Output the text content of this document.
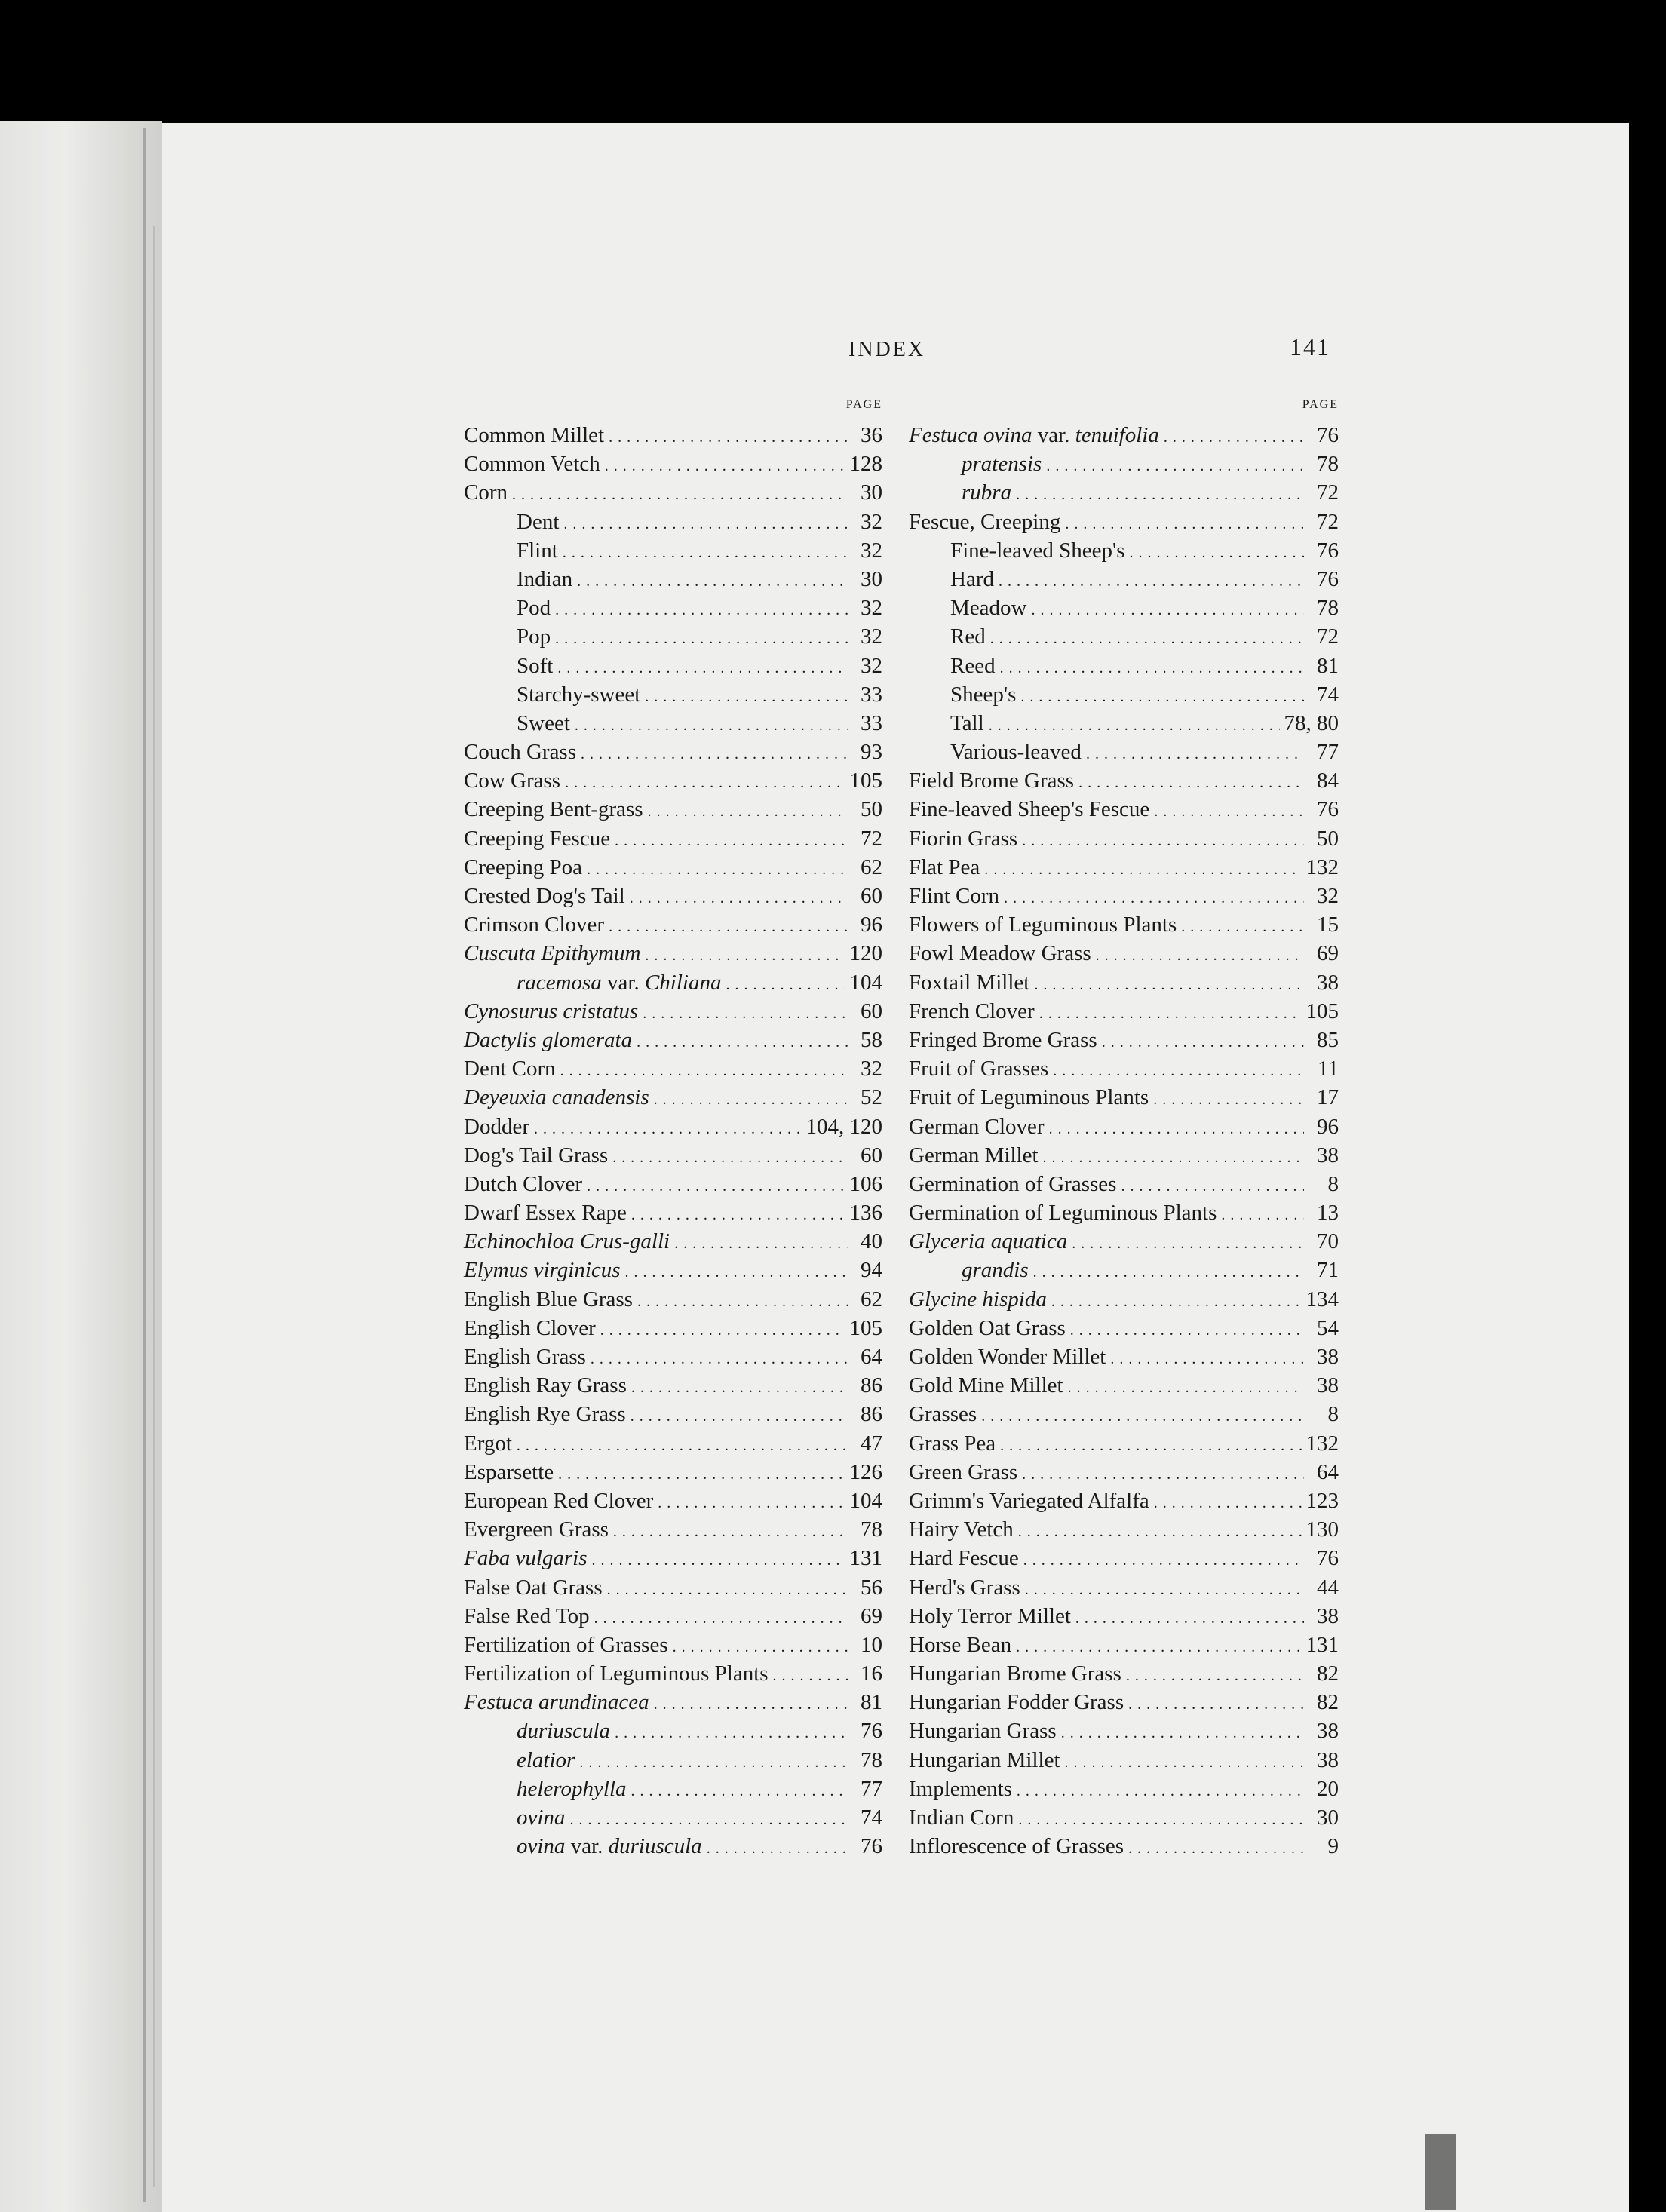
INDEX	141
PAGE
Common Millet . . .	36
Common Vetch . . .	128
Corn . . .	30
Dent . . .	32
Flint . . .	32
Indian . . .	30
Pod . . .	32
Pop . . .	32
Soft . . .	32
Starchy-sweet . . .	33
Sweet . . .	33
Couch Grass . . .	93
Cow Grass . . .	105
Creeping Bent-grass . . .	50
Creeping Fescue . . .	72
Creeping Poa . . .	62
Crested Dog's Tail . . .	60
Crimson Clover . . .	96
Cuscuta Epithymum . . .	120
racemosa var. Chiliana . . .	104
Cynosurus cristatus . . .	60
Dactylis glomerata . . .	58
Dent Corn . . .	32
Deyeuxia canadensis . . .	52
Dodder . . .	104, 120
Dog's Tail Grass . . .	60
Dutch Clover . . .	106
Dwarf Essex Rape . . .	136
Echinochloa Crus-galli . . .	40
Elymus virginicus . . .	94
English Blue Grass . . .	62
English Clover . . .	105
English Grass . . .	64
English Ray Grass . . .	86
English Rye Grass . . .	86
Ergot . . .	47
Esparsette . . .	126
European Red Clover . . .	104
Evergreen Grass . . .	78
Faba vulgaris . . .	131
False Oat Grass . . .	56
False Red Top . . .	69
Fertilization of Grasses . . .	10
Fertilization of Leguminous Plants . . .	16
Festuca arundinacea . . .	81
duriuscula . . .	76
elatior . . .	78
helerophylla . . .	77
ovina . . .	74
ovina var. duriuscula . . .	76
PAGE
Festuca ovina var. tenuifolia . . .	76
pratensis . . .	78
rubra . . .	72
Fescue, Creeping . . .	72
Fine-leaved Sheep's . . .	76
Hard . . .	76
Meadow . . .	78
Red . . .	72
Reed . . .	81
Sheep's . . .	74
Tall . . .	78, 80
Various-leaved . . .	77
Field Brome Grass . . .	84
Fine-leaved Sheep's Fescue . . .	76
Fiorin Grass . . .	50
Flat Pea . . .	132
Flint Corn . . .	32
Flowers of Leguminous Plants . . .	15
Fowl Meadow Grass . . .	69
Foxtail Millet . . .	38
French Clover . . .	105
Fringed Brome Grass . . .	85
Fruit of Grasses . . .	11
Fruit of Leguminous Plants . . .	17
German Clover . . .	96
German Millet . . .	38
Germination of Grasses . . .	8
Germination of Leguminous Plants . . .	13
Glyceria aquatica . . .	70
grandis . . .	71
Glycine hispida . . .	134
Golden Oat Grass . . .	54
Golden Wonder Millet . . .	38
Gold Mine Millet . . .	38
Grasses . . .	8
Grass Pea . . .	132
Green Grass . . .	64
Grimm's Variegated Alfalfa . . .	123
Hairy Vetch . . .	130
Hard Fescue . . .	76
Herd's Grass . . .	44
Holy Terror Millet . . .	38
Horse Bean . . .	131
Hungarian Brome Grass . . .	82
Hungarian Fodder Grass . . .	82
Hungarian Grass . . .	38
Hungarian Millet . . .	38
Implements . . .	20
Indian Corn . . .	30
Inflorescence of Grasses . . .	9
